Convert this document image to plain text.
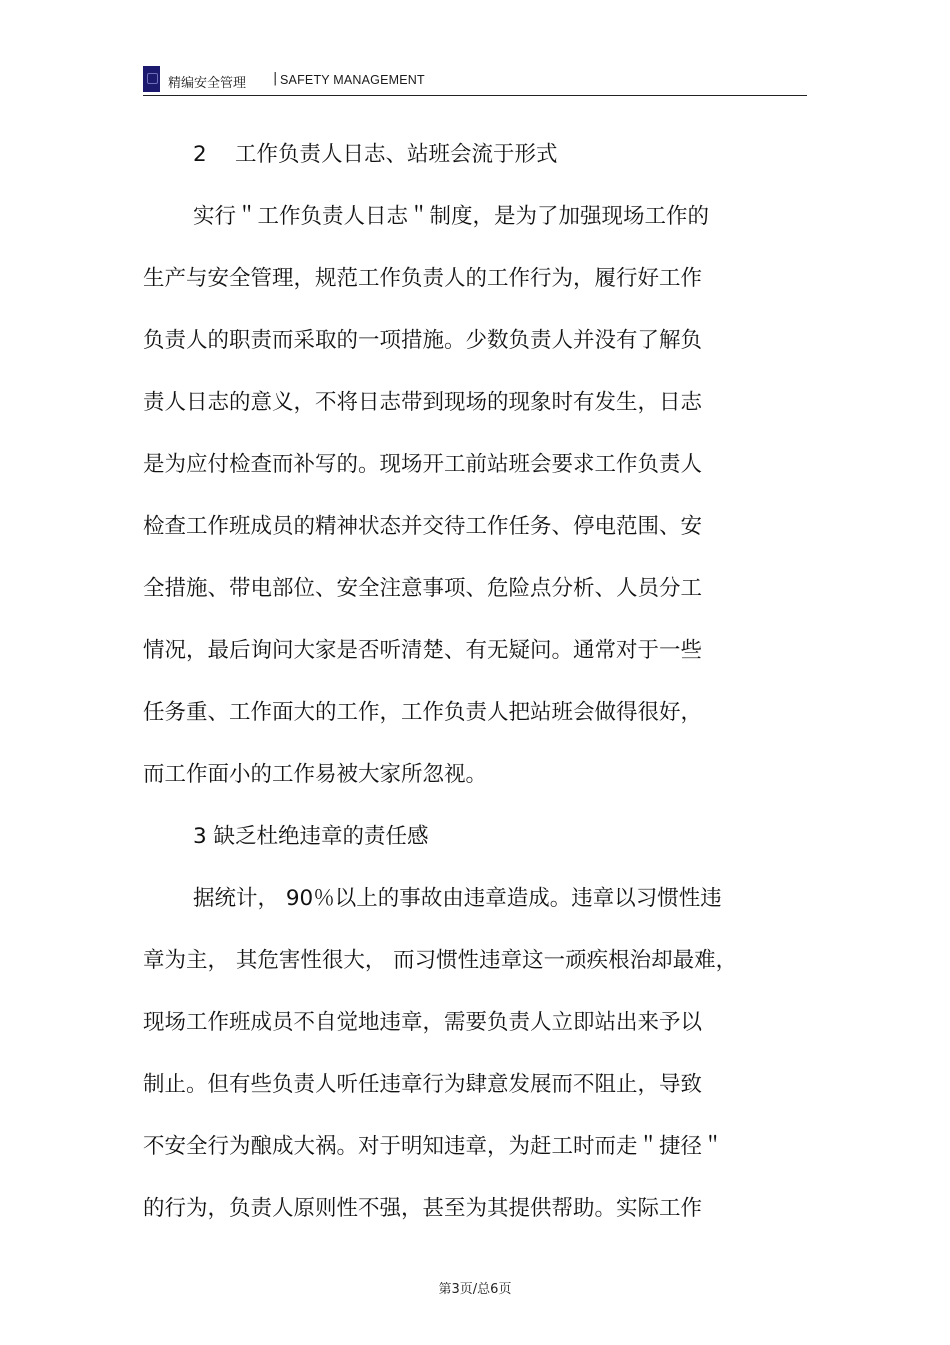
精编安全管理 | SAFETY MANAGEMENT
2 　工作负责人日志、站班会流于形式
实行＂工作负责人日志＂制度，是为了加强现场工作的
生产与安全管理，规范工作负责人的工作行为，履行好工作
负责人的职责而采取的一项措施。少数负责人并没有了解负
责人日志的意义，不将日志带到现场的现象时有发生，日志
是为应付检查而补写的。现场开工前站班会要求工作负责人
检查工作班成员的精神状态并交待工作任务、停电范围、安
全措施、带电部位、安全注意事项、危险点分析、人员分工
情况，最后询问大家是否听清楚、有无疑问。通常对于一些
任务重、工作面大的工作，工作负责人把站班会做得很好，
而工作面小的工作易被大家所忽视。
3 缺乏杜绝违章的责任感
据统计， 90％以上的事故由违章造成。违章以习惯性违
章为主， 其危害性很大， 而习惯性违章这一顽疾根治却最难，
现场工作班成员不自觉地违章，需要负责人立即站出来予以
制止。但有些负责人听任违章行为肆意发展而不阻止，导致
不安全行为酿成大祸。对于明知违章，为赶工时而走＂捷径＂
的行为，负责人原则性不强，甚至为其提供帮助。实际工作
第3页/总6页
